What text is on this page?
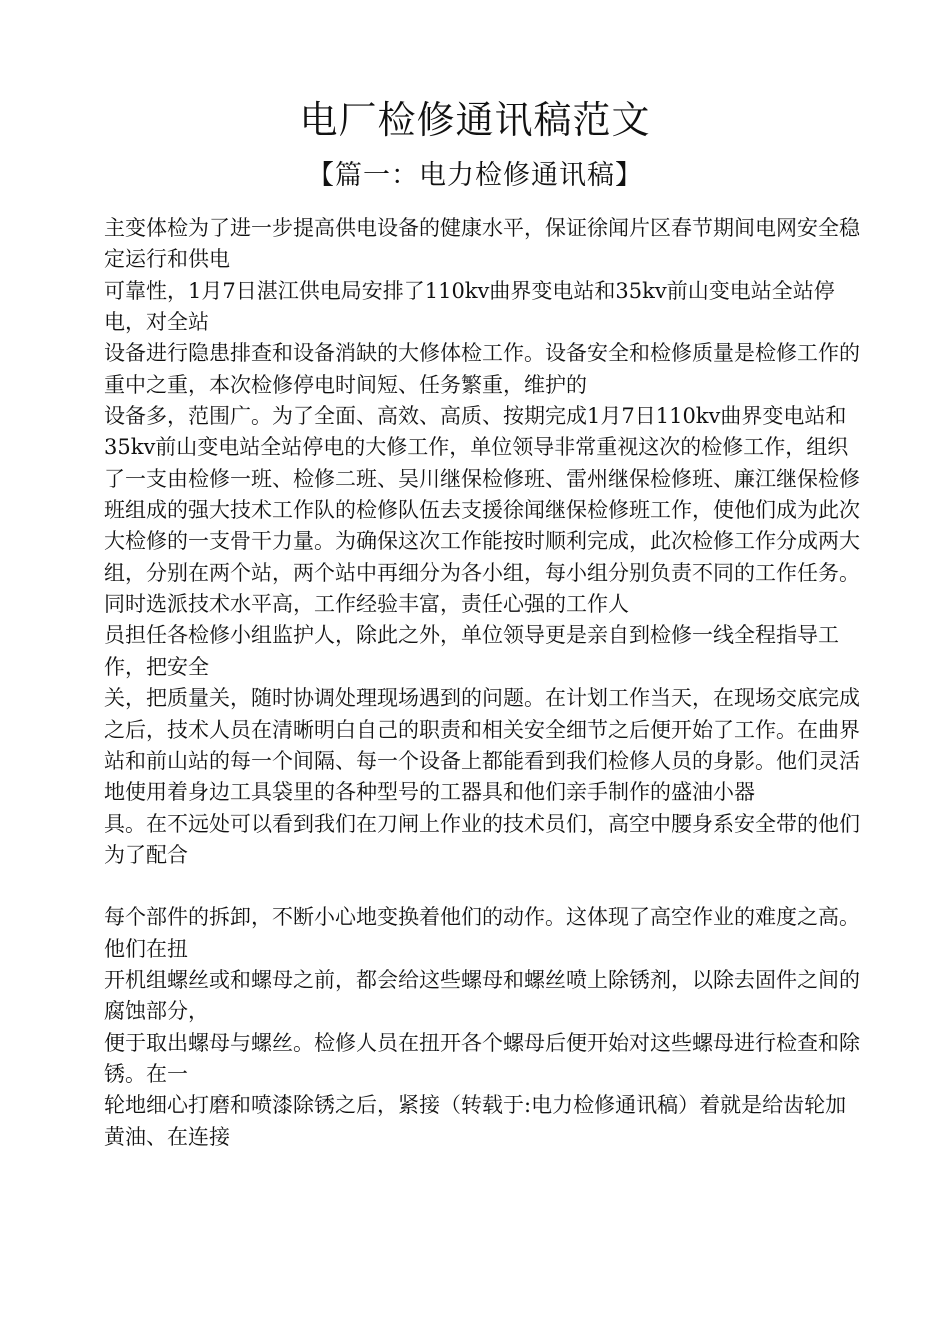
电厂检修通讯稿范文
【篇一：电力检修通讯稿】
主变体检为了进一步提高供电设备的健康水平，保证徐闻片区春节期间电网安全稳定运行和供电
可靠性，1月7日湛江供电局安排了110kv曲界变电站和35kv前山变电站全站停电，对全站
设备进行隐患排查和设备消缺的大修体检工作。设备安全和检修质量是检修工作的重中之重，本次检修停电时间短、任务繁重，维护的
设备多，范围广。为了全面、高效、高质、按期完成1月7日110kv曲界变电站和35kv前山变电站全站停电的大修工作，单位领导非常重视这次的检修工作，组织了一支由检修一班、检修二班、吴川继保检修班、雷州继保检修班、廉江继保检修班组成的强大技术工作队的检修队伍去支援徐闻继保检修班工作，使他们成为此次大检修的一支骨干力量。为确保这次工作能按时顺利完成，此次检修工作分成两大组，分别在两个站，两个站中再细分为各小组，每小组分别负责不同的工作任务。同时选派技术水平高，工作经验丰富，责任心强的工作人
员担任各检修小组监护人，除此之外，单位领导更是亲自到检修一线全程指导工作，把安全
关，把质量关，随时协调处理现场遇到的问题。在计划工作当天，在现场交底完成之后，技术人员在清晰明白自己的职责和相关安全细节之后便开始了工作。在曲界站和前山站的每一个间隔、每一个设备上都能看到我们检修人员的身影。他们灵活地使用着身边工具袋里的各种型号的工器具和他们亲手制作的盛油小器
具。在不远处可以看到我们在刀闸上作业的技术员们，高空中腰身系安全带的他们为了配合
每个部件的拆卸，不断小心地变换着他们的动作。这体现了高空作业的难度之高。他们在扭
开机组螺丝或和螺母之前，都会给这些螺母和螺丝喷上除锈剂，以除去固件之间的腐蚀部分，
便于取出螺母与螺丝。检修人员在扭开各个螺母后便开始对这些螺母进行检查和除锈。在一
轮地细心打磨和喷漆除锈之后，紧接（转载于:电力检修通讯稿）着就是给齿轮加黄油、在连接
